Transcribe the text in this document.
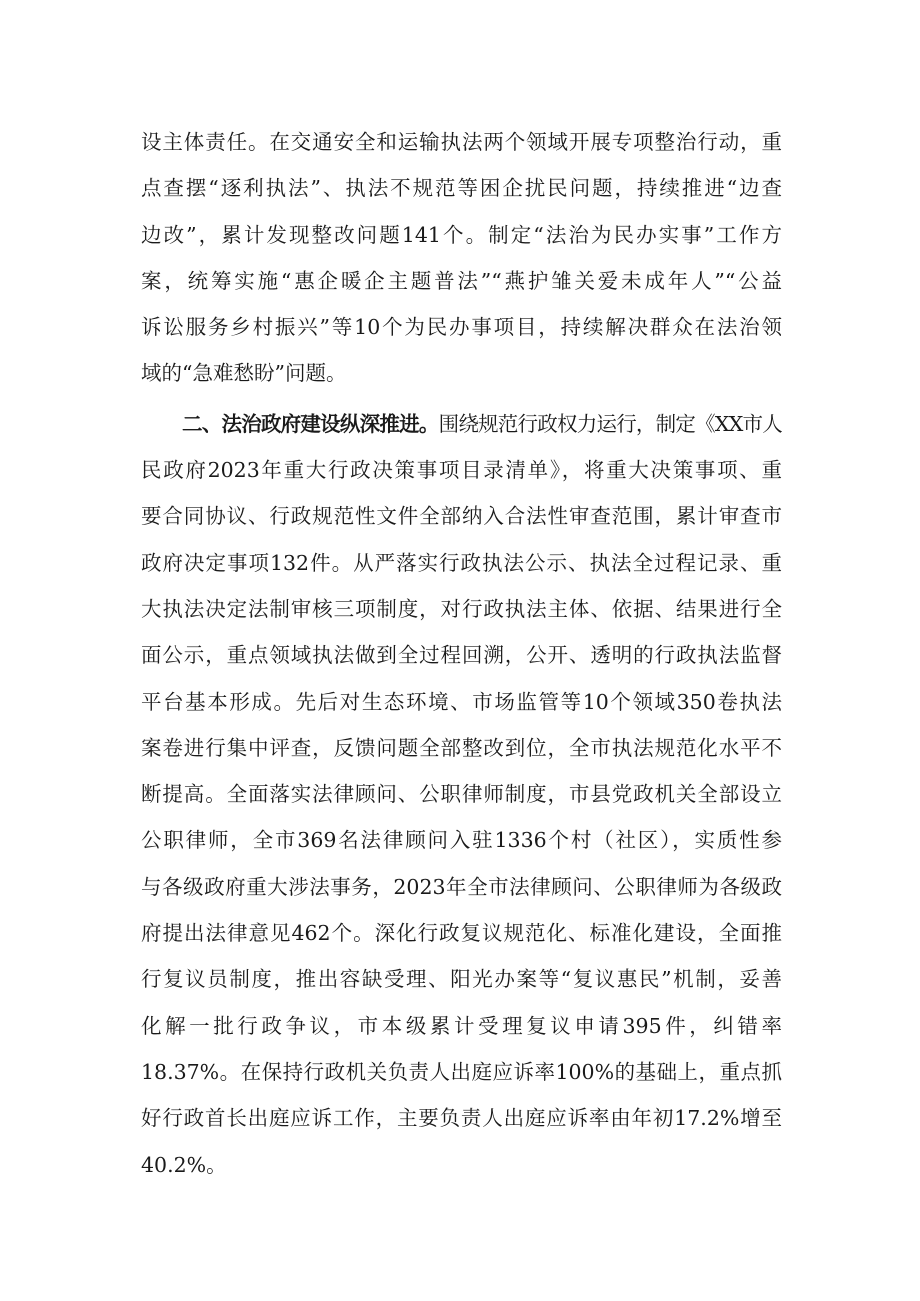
设主体责任。在交通安全和运输执法两个领域开展专项整治行动，重
点查摆“逐利执法”、执法不规范等困企扰民问题，持续推进“边查
边改”，累计发现整改问题141个。制定“法治为民办实事”工作方
案，统筹实施“惠企暖企主题普法”“燕护雏关爱未成年人”“公益
诉讼服务乡村振兴”等10个为民办事项目，持续解决群众在法治领
域的“急难愁盼”问题。
二、法治政府建设纵深推进。围绕规范行政权力运行，制定《XX市人
民政府2023年重大行政决策事项目录清单》，将重大决策事项、重
要合同协议、行政规范性文件全部纳入合法性审查范围，累计审查市
政府决定事项132件。从严落实行政执法公示、执法全过程记录、重
大执法决定法制审核三项制度，对行政执法主体、依据、结果进行全
面公示，重点领域执法做到全过程回溯，公开、透明的行政执法监督
平台基本形成。先后对生态环境、市场监管等10个领域350卷执法
案卷进行集中评查，反馈问题全部整改到位，全市执法规范化水平不
断提高。全面落实法律顾问、公职律师制度，市县党政机关全部设立
公职律师，全市369名法律顾问入驻1336个村（社区），实质性参
与各级政府重大涉法事务，2023年全市法律顾问、公职律师为各级政
府提出法律意见462个。深化行政复议规范化、标准化建设，全面推
行复议员制度，推出容缺受理、阳光办案等“复议惠民”机制，妥善
化解一批行政争议，市本级累计受理复议申请395件，纠错率
18.37%。在保持行政机关负责人出庭应诉率100%的基础上，重点抓
好行政首长出庭应诉工作，主要负责人出庭应诉率由年初17.2%增至
40.2%。
